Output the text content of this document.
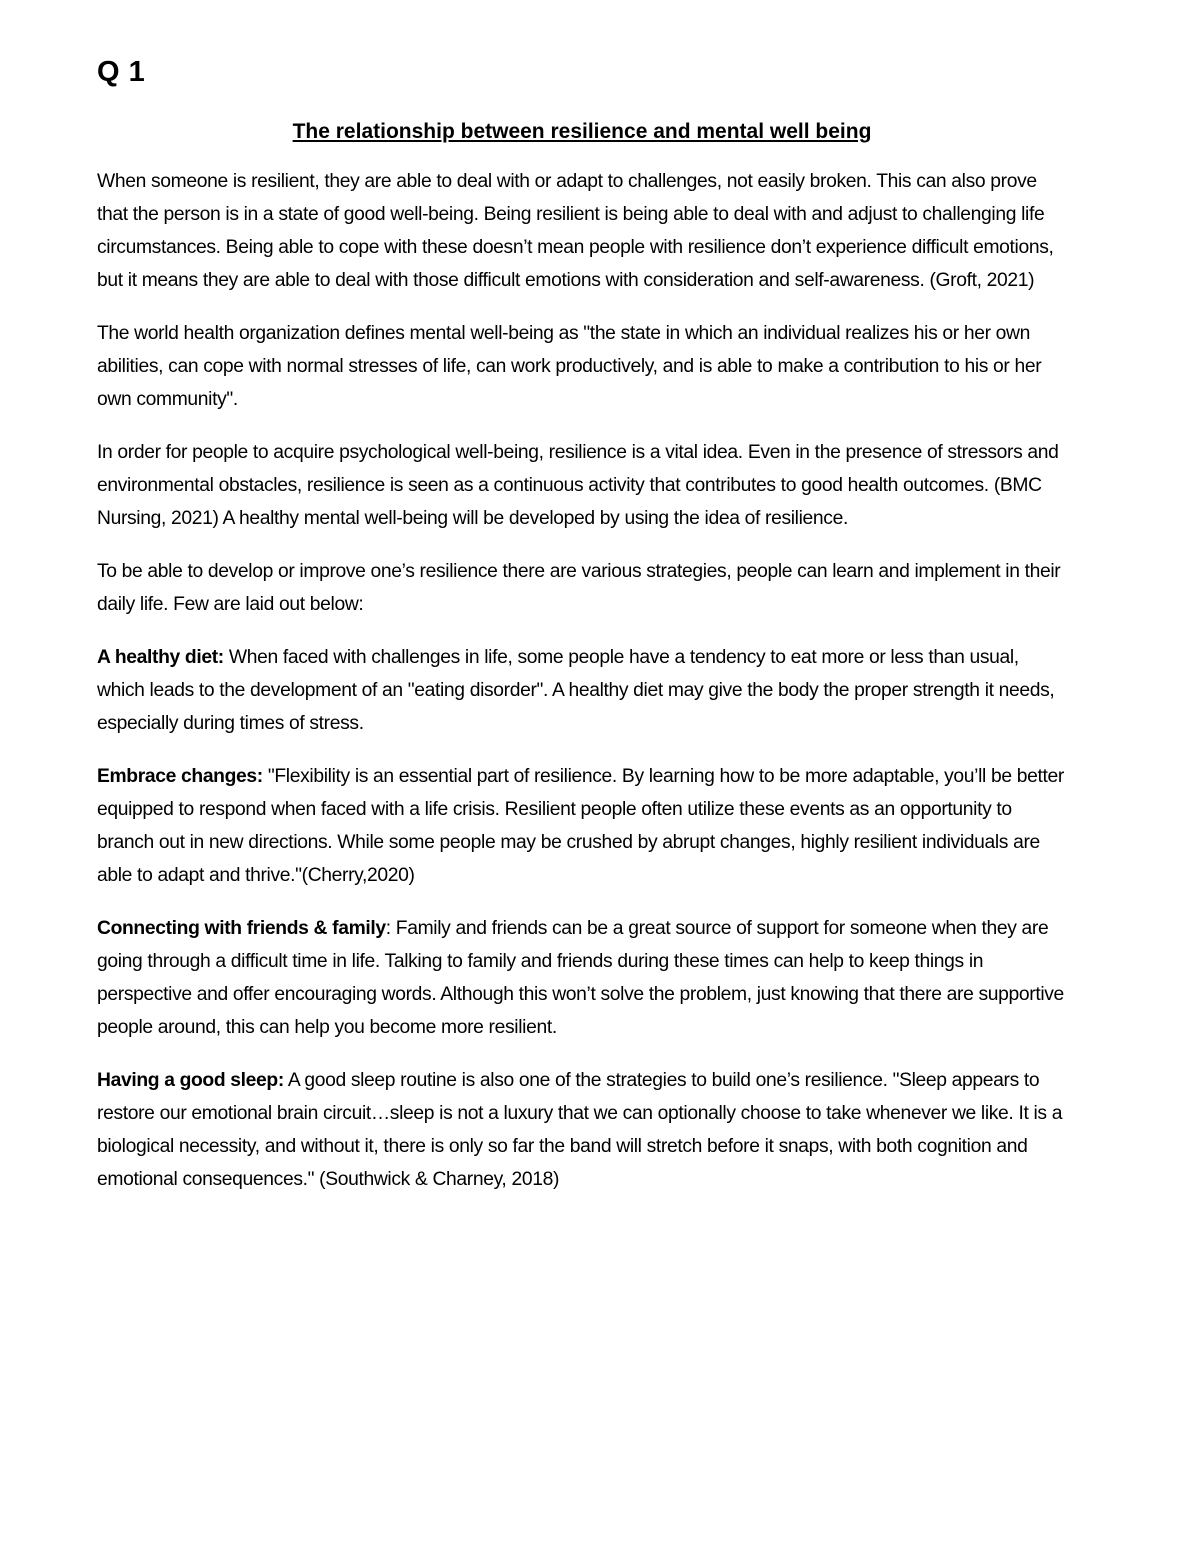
Q 1
The relationship between resilience and mental well being

When someone is resilient, they are able to deal with or adapt to challenges, not easily broken. This can also prove that the person is in a state of good well-being. Being resilient is being able to deal with and adjust to challenging life circumstances. Being able to cope with these doesn’t mean people with resilience don’t experience difficult emotions, but it means they are able to deal with those difficult emotions with consideration and self-awareness. (Groft, 2021)

The world health organization defines mental well-being as "the state in which an individual realizes his or her own abilities, can cope with normal stresses of life, can work productively, and is able to make a contribution to his or her own community".

In order for people to acquire psychological well-being, resilience is a vital idea. Even in the presence of stressors and environmental obstacles, resilience is seen as a continuous activity that contributes to good health outcomes. (BMC Nursing, 2021) A healthy mental well-being will be developed by using the idea of resilience.

To be able to develop or improve one’s resilience there are various strategies, people can learn and implement in their daily life. Few are laid out below:

A healthy diet: When faced with challenges in life, some people have a tendency to eat more or less than usual, which leads to the development of an "eating disorder". A healthy diet may give the body the proper strength it needs, especially during times of stress.

Embrace changes: "Flexibility is an essential part of resilience. By learning how to be more adaptable, you’ll be better equipped to respond when faced with a life crisis. Resilient people often utilize these events as an opportunity to branch out in new directions. While some people may be crushed by abrupt changes, highly resilient individuals are able to adapt and thrive."(Cherry,2020)

Connecting with friends & family: Family and friends can be a great source of support for someone when they are going through a difficult time in life. Talking to family and friends during these times can help to keep things in perspective and offer encouraging words. Although this won’t solve the problem, just knowing that there are supportive people around, this can help you become more resilient.

Having a good sleep: A good sleep routine is also one of the strategies to build one’s resilience. "Sleep appears to restore our emotional brain circuit…sleep is not a luxury that we can optionally choose to take whenever we like. It is a biological necessity, and without it, there is only so far the band will stretch before it snaps, with both cognition and emotional consequences." (Southwick & Charney, 2018)
